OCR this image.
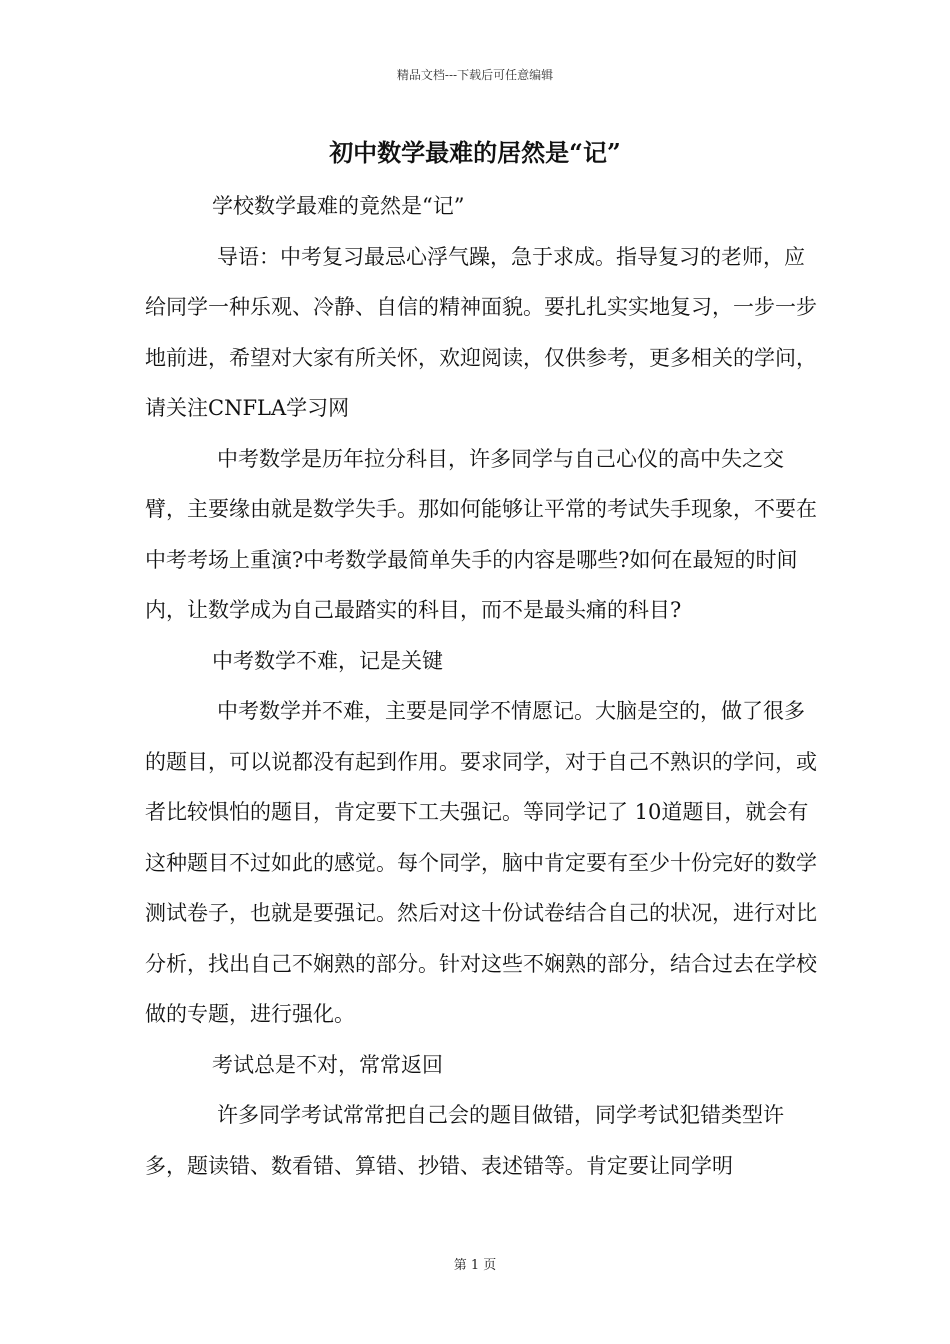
精品文档---下载后可任意编辑
初中数学最难的居然是“记”

学校数学最难的竟然是“记”

导语：中考复习最忌心浮气躁，急于求成。指导复习的老师，应给同学一种乐观、冷静、自信的精神面貌。要扎扎实实地复习，一步一步地前进，希望对大家有所关怀，欢迎阅读，仅供参考，更多相关的学问，请关注CNFLA学习网

中考数学是历年拉分科目，许多同学与自己心仪的高中失之交臂，主要缘由就是数学失手。那如何能够让平常的考试失手现象，不要在中考考场上重演?中考数学最简单失手的内容是哪些?如何在最短的时间内，让数学成为自己最踏实的科目，而不是最头痛的科目?

中考数学不难，记是关键

中考数学并不难，主要是同学不情愿记。大脑是空的，做了很多的题目，可以说都没有起到作用。要求同学，对于自己不熟识的学问，或者比较惧怕的题目，肯定要下工夫强记。等同学记了 10道题目，就会有这种题目不过如此的感觉。每个同学，脑中肯定要有至少十份完好的数学测试卷子，也就是要强记。然后对这十份试卷结合自己的状况，进行对比分析，找出自己不娴熟的部分。针对这些不娴熟的部分，结合过去在学校做的专题，进行强化。

考试总是不对，常常返回

许多同学考试常常把自己会的题目做错，同学考试犯错类型许多，题读错、数看错、算错、抄错、表述错等。肯定要让同学明

第 1 页
